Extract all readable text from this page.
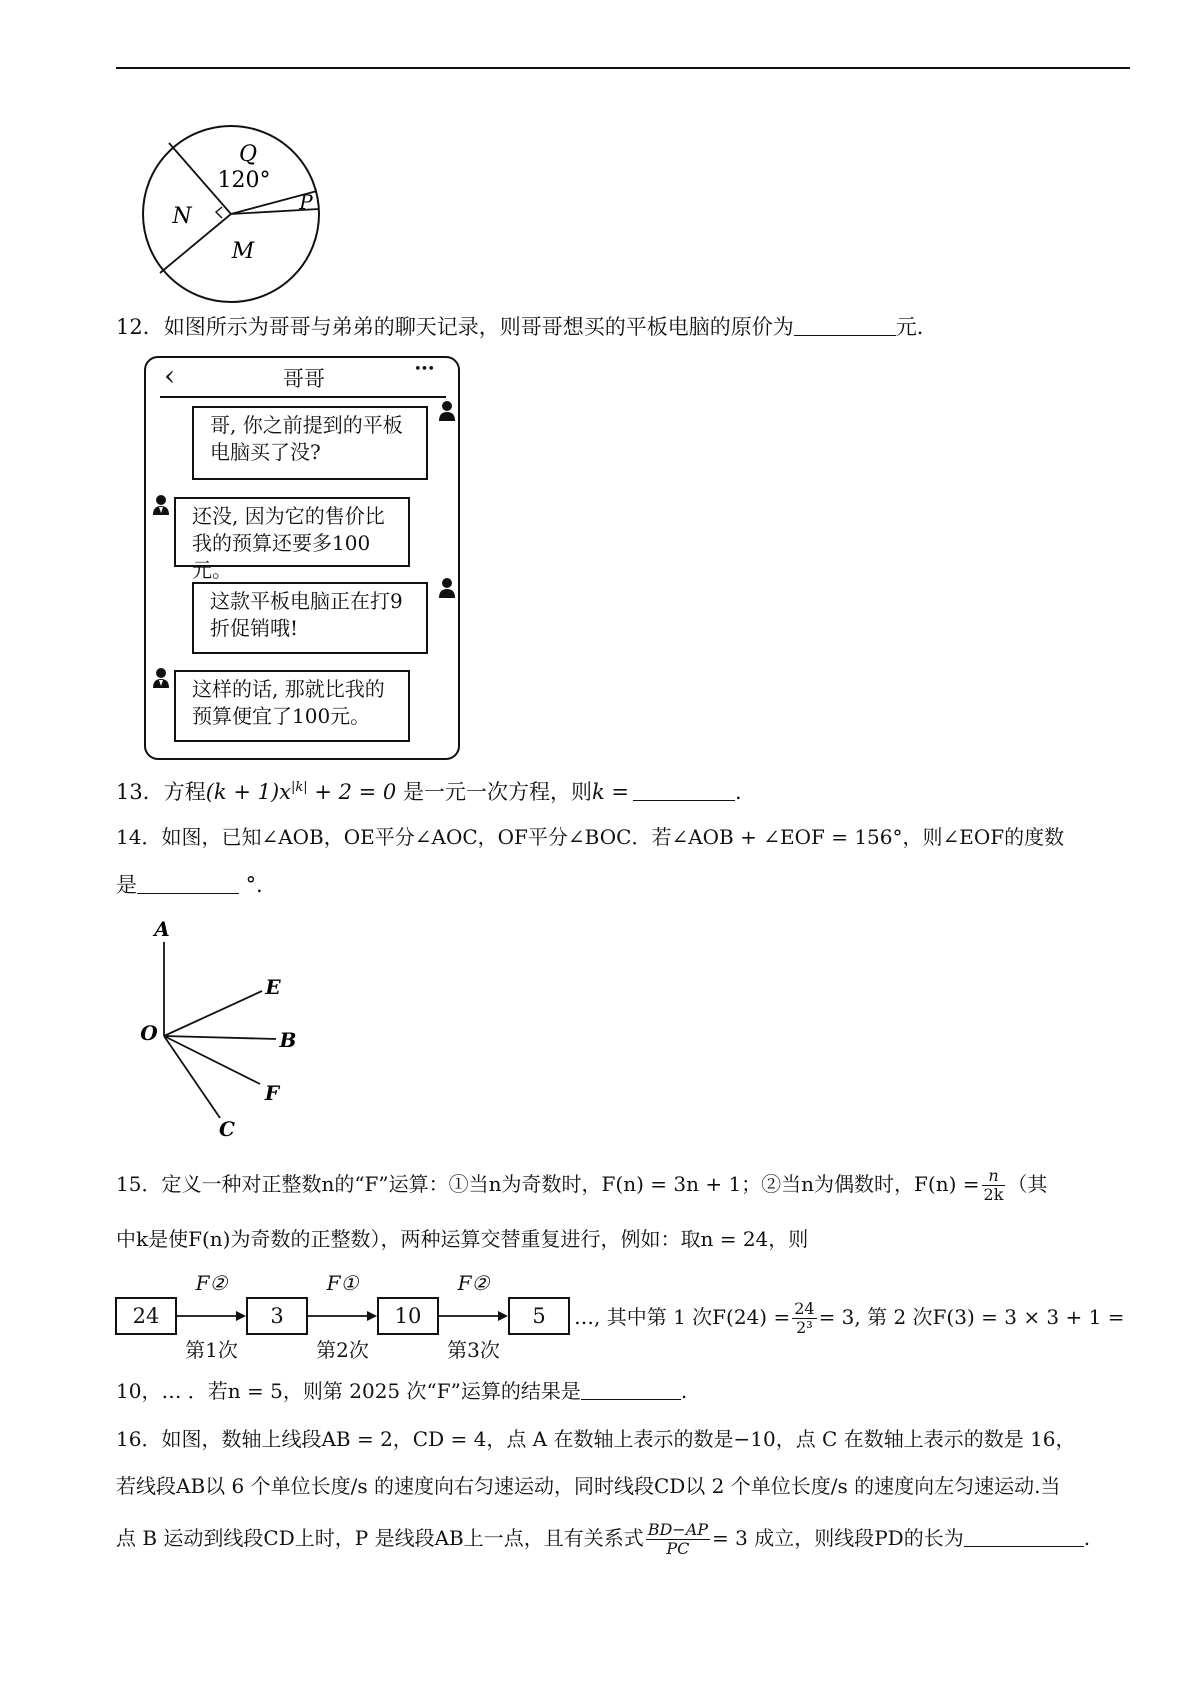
Q
120°
N
P
M
12．如图所示为哥哥与弟弟的聊天记录，则哥哥想买的平板电脑的原价为	元．
‹	哥哥	•••
哥, 你之前提到的平板电脑买了没?
还没, 因为它的售价比我的预算还要多100元。
这款平板电脑正在打9折促销哦!
这样的话, 那就比我的预算便宜了100元。
13．方程$(k + 1)x^{|k|} + 2 = 0$ 是一元一次方程，则k =	.
14．如图，已知∠AOB，OE平分∠AOC，OF平分∠BOC．若∠AOB + ∠EOF = 156°，则∠EOF的度数
是	°．
A
E
O	B
F
C
15．定义一种对正整数n的“F”运算：①当n为奇数时，F(n) = 3n + 1；②当n为偶数时，$F(n) = \frac{n}{2k}$ （其
中k是使F(n)为奇数的正整数），两种运算交替重复进行，例如：取n = 24，则
24	3	10	5
F②	F①	F②
第1次	第2次	第3次
…, 其中第 1 次$F(24) = \frac{24}{\text{2³}} = 3$, 第 2 次F(3) = 3 × 3 + 1 =
10，… ．若n = 5，则第 2025 次“F”运算的结果是	.
16．如图，数轴上线段AB = 2，CD = 4，点 A 在数轴上表示的数是−10，点 C 在数轴上表示的数是 16，
若线段AB以 6 个单位长度/s 的速度向右匀速运动，同时线段CD以 2 个单位长度/s 的速度向左匀速运动.当
点 B 运动到线段CD上时，P 是线段AB上一点，且有关系式 $\frac{BD-AP}{PC} = 3$ 成立，则线段PD的长为	.
